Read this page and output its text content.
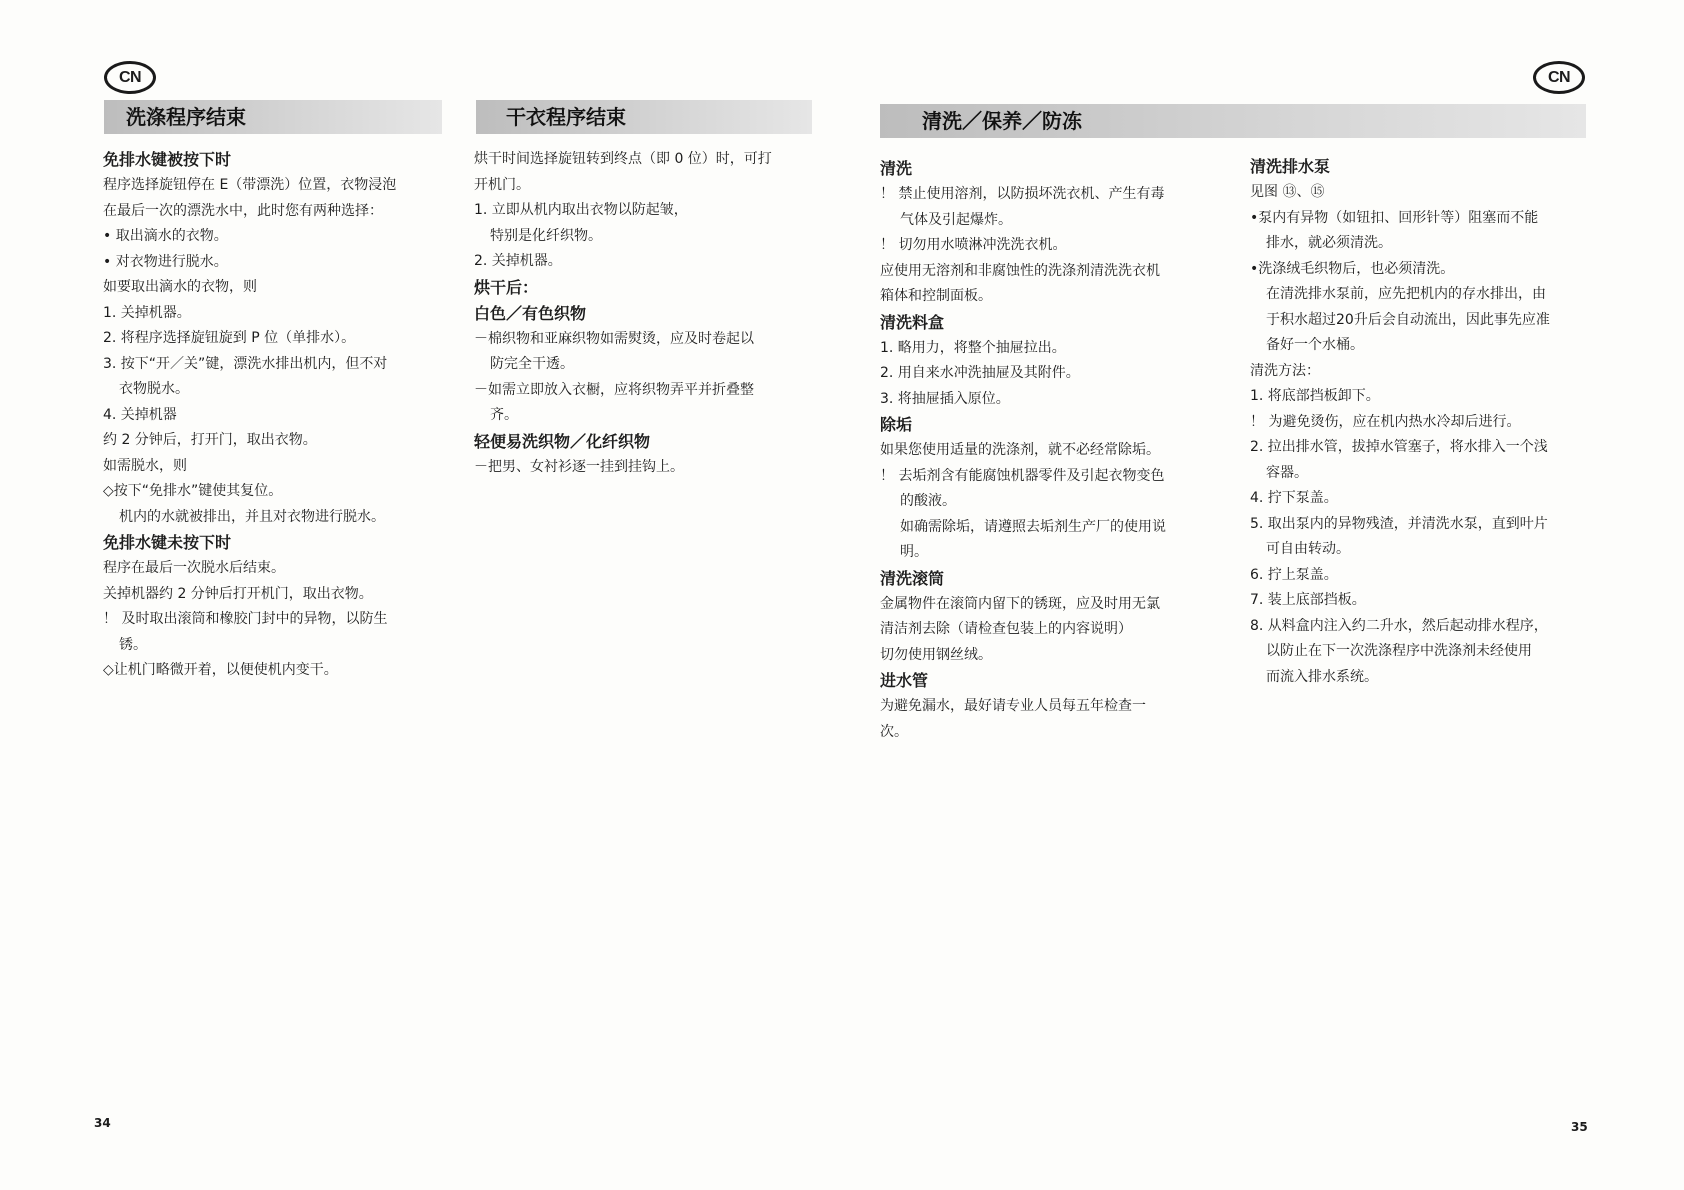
CN	CN
洗涤程序结束	干衣程序结束	清洗／保养／防冻

免排水键被按下时

程序选择旋钮停在 E（带漂洗）位置，衣物浸泡

在最后一次的漂洗水中，此时您有两种选择：

• 取出滴水的衣物。

• 对衣物进行脱水。

如要取出滴水的衣物，则

1. 关掉机器。

2. 将程序选择旋钮旋到 P 位（单排水）。

3. 按下“开／关”键，漂洗水排出机内，但不对

衣物脱水。

4. 关掉机器

约 2 分钟后，打开门，取出衣物。

如需脱水，则

◇按下“免排水”键使其复位。

机内的水就被排出，并且对衣物进行脱水。

免排水键未按下时

程序在最后一次脱水后结束。

关掉机器约 2 分钟后打开机门，取出衣物。

！ 及时取出滚筒和橡胶门封中的异物，以防生

锈。

◇让机门略微开着，以便使机内变干。

烘干时间选择旋钮转到终点（即 0 位）时，可打

开机门。

1. 立即从机内取出衣物以防起皱，

特别是化纤织物。

2. 关掉机器。

烘干后：

白色／有色织物

－棉织物和亚麻织物如需熨烫，应及时卷起以

防完全干透。

－如需立即放入衣橱，应将织物弄平并折叠整

齐。

轻便易洗织物／化纤织物

－把男、女衬衫逐一挂到挂钩上。

清洗

！ 禁止使用溶剂，以防损坏洗衣机、产生有毒

气体及引起爆炸。

！ 切勿用水喷淋冲洗洗衣机。

应使用无溶剂和非腐蚀性的洗涤剂清洗洗衣机

箱体和控制面板。

清洗料盒

1. 略用力，将整个抽屉拉出。

2. 用自来水冲洗抽屉及其附件。

3. 将抽屉插入原位。

除垢

如果您使用适量的洗涤剂，就不必经常除垢。

！ 去垢剂含有能腐蚀机器零件及引起衣物变色

的酸液。

如确需除垢，请遵照去垢剂生产厂的使用说

明。

清洗滚筒

金属物件在滚筒内留下的锈斑，应及时用无氯

清洁剂去除（请检查包装上的内容说明）

切勿使用钢丝绒。

进水管

为避免漏水，最好请专业人员每五年检查一

次。

清洗排水泵

见图 ⑬、⑮

•泵内有异物（如钮扣、回形针等）阻塞而不能

排水，就必须清洗。

•洗涤绒毛织物后，也必须清洗。

在清洗排水泵前，应先把机内的存水排出，由

于积水超过20升后会自动流出，因此事先应准

备好一个水桶。

清洗方法：

1. 将底部挡板卸下。

！ 为避免烫伤，应在机内热水冷却后进行。

2. 拉出排水管，拔掉水管塞子，将水排入一个浅

容器。

4. 拧下泵盖。

5. 取出泵内的异物残渣，并清洗水泵，直到叶片

可自由转动。

6. 拧上泵盖。

7. 装上底部挡板。

8. 从料盒内注入约二升水，然后起动排水程序，

以防止在下一次洗涤程序中洗涤剂未经使用

而流入排水系统。

34	35
